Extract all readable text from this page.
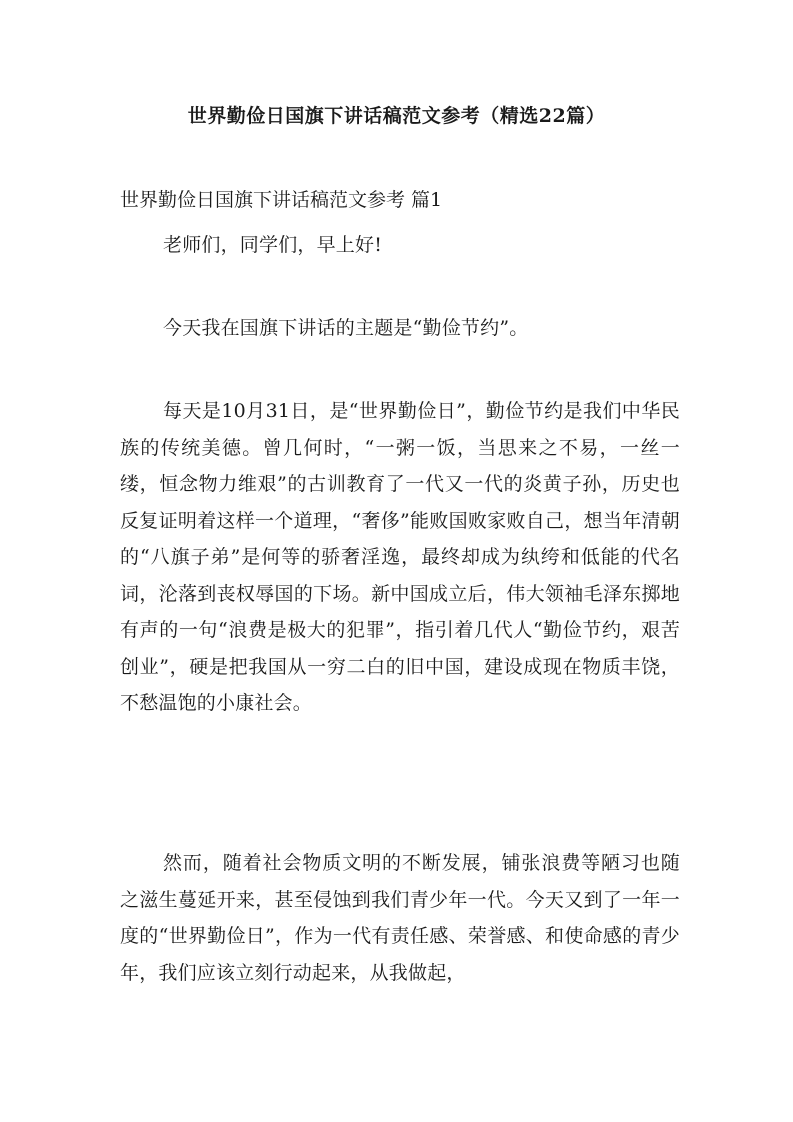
世界勤俭日国旗下讲话稿范文参考（精选22篇）
世界勤俭日国旗下讲话稿范文参考 篇1

老师们，同学们，早上好!

今天我在国旗下讲话的主题是“勤俭节约”。

每天是10月31日，是“世界勤俭日”，勤俭节约是我们中华民族的传统美德。曾几何时，“一粥一饭，当思来之不易，一丝一缕，恒念物力维艰”的古训教育了一代又一代的炎黄子孙，历史也反复证明着这样一个道理，“奢侈”能败国败家败自己，想当年清朝的“八旗子弟”是何等的骄奢淫逸，最终却成为纨绔和低能的代名词，沦落到丧权辱国的下场。新中国成立后，伟大领袖毛泽东掷地有声的一句“浪费是极大的犯罪”，指引着几代人“勤俭节约，艰苦创业”，硬是把我国从一穷二白的旧中国，建设成现在物质丰饶，不愁温饱的小康社会。

然而，随着社会物质文明的不断发展，铺张浪费等陋习也随之滋生蔓延开来，甚至侵蚀到我们青少年一代。今天又到了一年一度的“世界勤俭日”，作为一代有责任感、荣誉感、和使命感的青少年，我们应该立刻行动起来，从我做起，
